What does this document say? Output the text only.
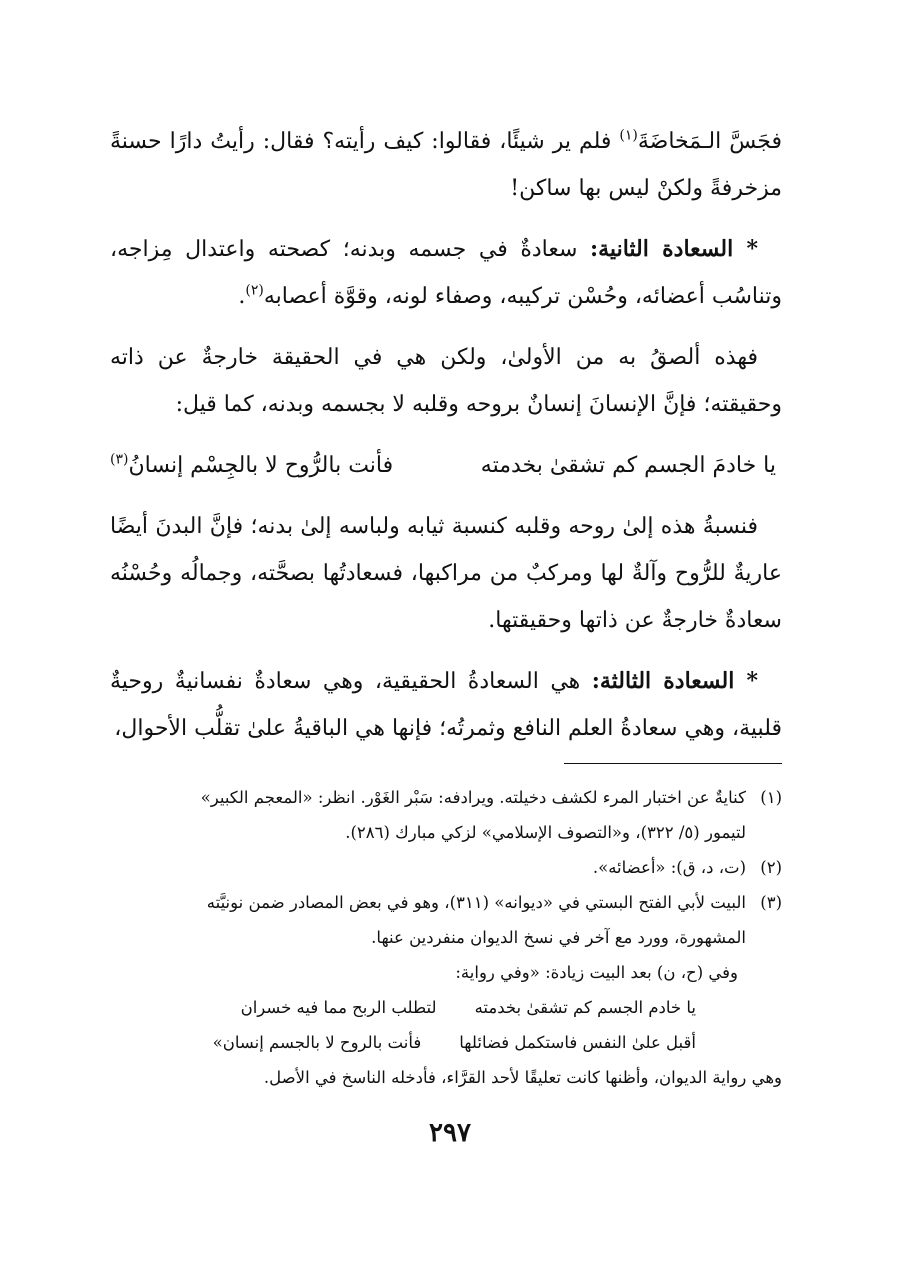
فجَسَّ الـمَخاضَةَ$^{(١)}$ فلم ير شيئًا، فقالوا: كيف رأيته؟ فقال: رأيتُ دارًا حسنةً مزخرفةً ولكنْ ليس بها ساكن!

* السعادة الثانية: سعادةٌ في جسمه وبدنه؛ كصحته واعتدال مِزاجه، وتناسُب أعضائه، وحُسْن تركيبه، وصفاء لونه، وقوَّة أعصابه$^{(٢)}$.

فهذه ألصقُ به من الأولىٰ، ولكن هي في الحقيقة خارجةٌ عن ذاته وحقيقته؛ فإنَّ الإنسانَ إنسانٌ بروحه وقلبه لا بجسمه وبدنه، كما قيل:

يا خادمَ الجسم كم تشقىٰ بخدمته
فأنت بالرُّوح لا بالجِسْم إنسانُ$^{(٣)}$

فنسبةُ هذه إلىٰ روحه وقلبه كنسبة ثيابه ولباسه إلىٰ بدنه؛ فإنَّ البدنَ أيضًا عاريةٌ للرُّوح وآلةٌ لها ومركبٌ من مراكبها، فسعادتُها بصحَّته، وجمالُه وحُسْنُه سعادةٌ خارجةٌ عن ذاتها وحقيقتها.

* السعادة الثالثة: هي السعادةُ الحقيقية، وهي سعادةٌ نفسانيةٌ روحيةٌ قلبية، وهي سعادةُ العلم النافع وثمرتُه؛ فإنها هي الباقيةُ علىٰ تقلُّب الأحوال،

(١)
كنايةٌ عن اختبار المرء لكشف دخيلته. ويرادفه: سَبْر الغَوْر. انظر: «المعجم الكبير»
لتيمور (٥/ ٣٢٢)، و«التصوف الإسلامي» لزكي مبارك (٢٨٦).
(٢)
(ت، د، ق): «أعضائه».
(٣)
البيت لأبي الفتح البستي في «ديوانه» (٣١١)، وهو في بعض المصادر ضمن نونيَّته
المشهورة، وورد مع آخر في نسخ الديوان منفردين عنها.
وفي (ح، ن) بعد البيت زيادة: «وفي رواية:
يا خادم الجسم كم تشقىٰ بخدمته
لتطلب الربح مما فيه خسران
أقبل علىٰ النفس فاستكمل فضائلها
فأنت بالروح لا بالجسم إنسان»
وهي رواية الديوان، وأظنها كانت تعليقًا لأحد القرَّاء، فأدخله الناسخ في الأصل.
٢٩٧
